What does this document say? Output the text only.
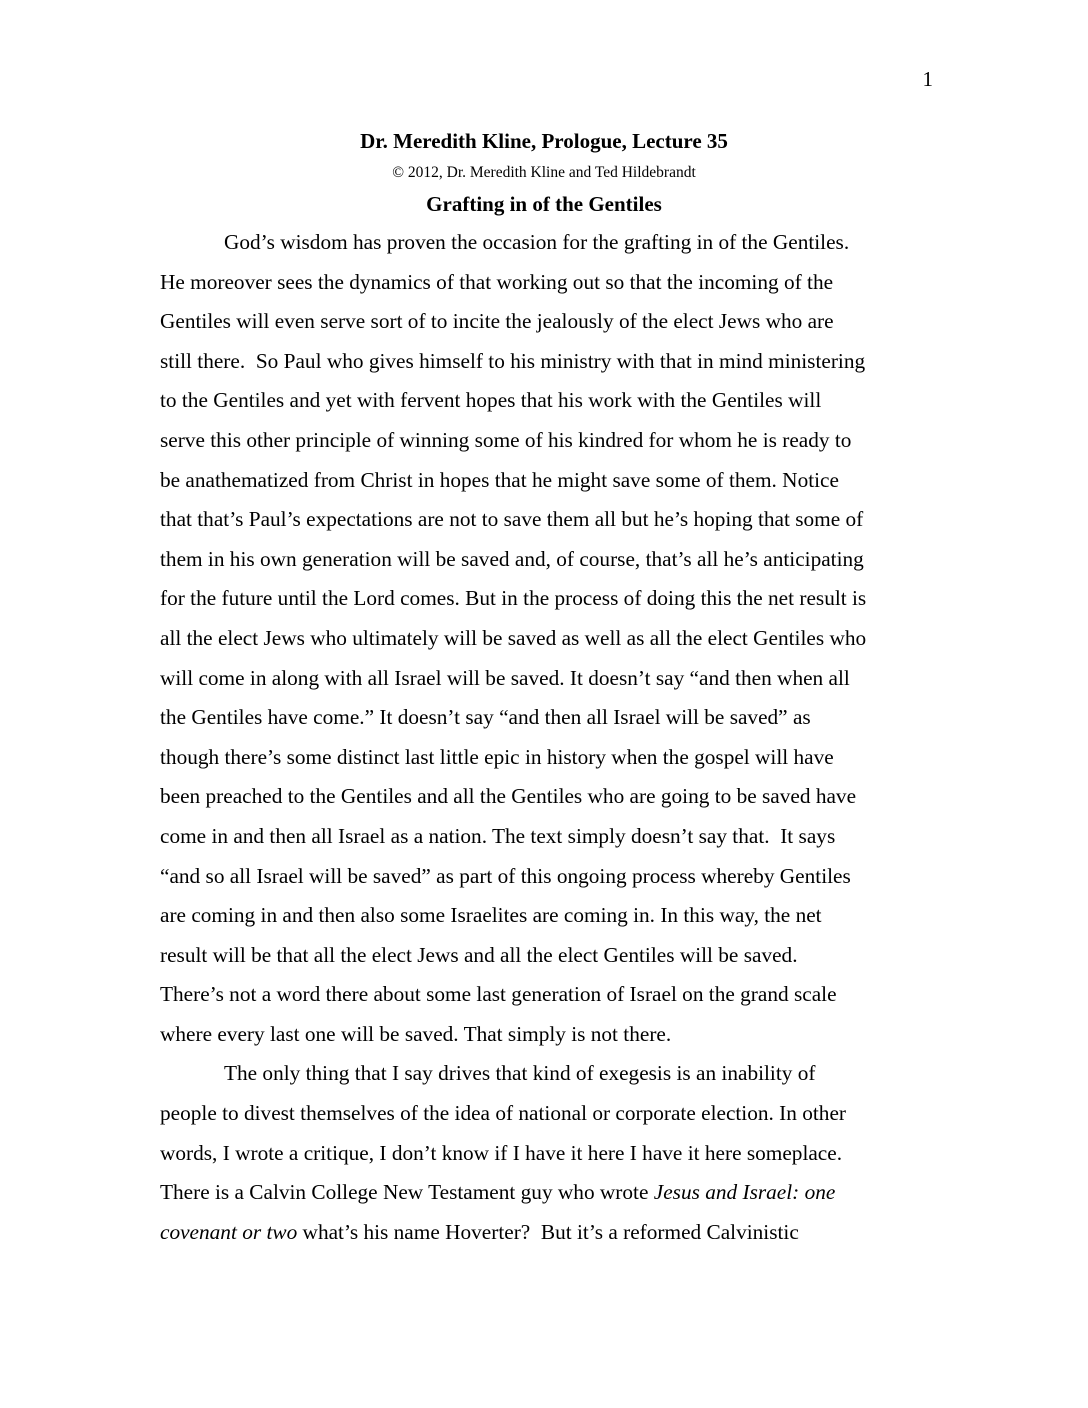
1
Dr. Meredith Kline, Prologue, Lecture 35

© 2012, Dr. Meredith Kline and Ted Hildebrandt

Grafting in of the Gentiles
God’s wisdom has proven the occasion for the grafting in of the Gentiles.
He moreover sees the dynamics of that working out so that the incoming of the
Gentiles will even serve sort of to incite the jealously of the elect Jews who are
still there.  So Paul who gives himself to his ministry with that in mind ministering
to the Gentiles and yet with fervent hopes that his work with the Gentiles will
serve this other principle of winning some of his kindred for whom he is ready to
be anathematized from Christ in hopes that he might save some of them. Notice
that that’s Paul’s expectations are not to save them all but he’s hoping that some of
them in his own generation will be saved and, of course, that’s all he’s anticipating
for the future until the Lord comes. But in the process of doing this the net result is
all the elect Jews who ultimately will be saved as well as all the elect Gentiles who
will come in along with all Israel will be saved. It doesn’t say “and then when all
the Gentiles have come.” It doesn’t say “and then all Israel will be saved” as
though there’s some distinct last little epic in history when the gospel will have
been preached to the Gentiles and all the Gentiles who are going to be saved have
come in and then all Israel as a nation. The text simply doesn’t say that.  It says
“and so all Israel will be saved” as part of this ongoing process whereby Gentiles
are coming in and then also some Israelites are coming in. In this way, the net
result will be that all the elect Jews and all the elect Gentiles will be saved.
There’s not a word there about some last generation of Israel on the grand scale
where every last one will be saved. That simply is not there.
The only thing that I say drives that kind of exegesis is an inability of
people to divest themselves of the idea of national or corporate election. In other
words, I wrote a critique, I don’t know if I have it here I have it here someplace.
There is a Calvin College New Testament guy who wrote Jesus and Israel: one
covenant or two what’s his name Hoverter?  But it’s a reformed Calvinistic
